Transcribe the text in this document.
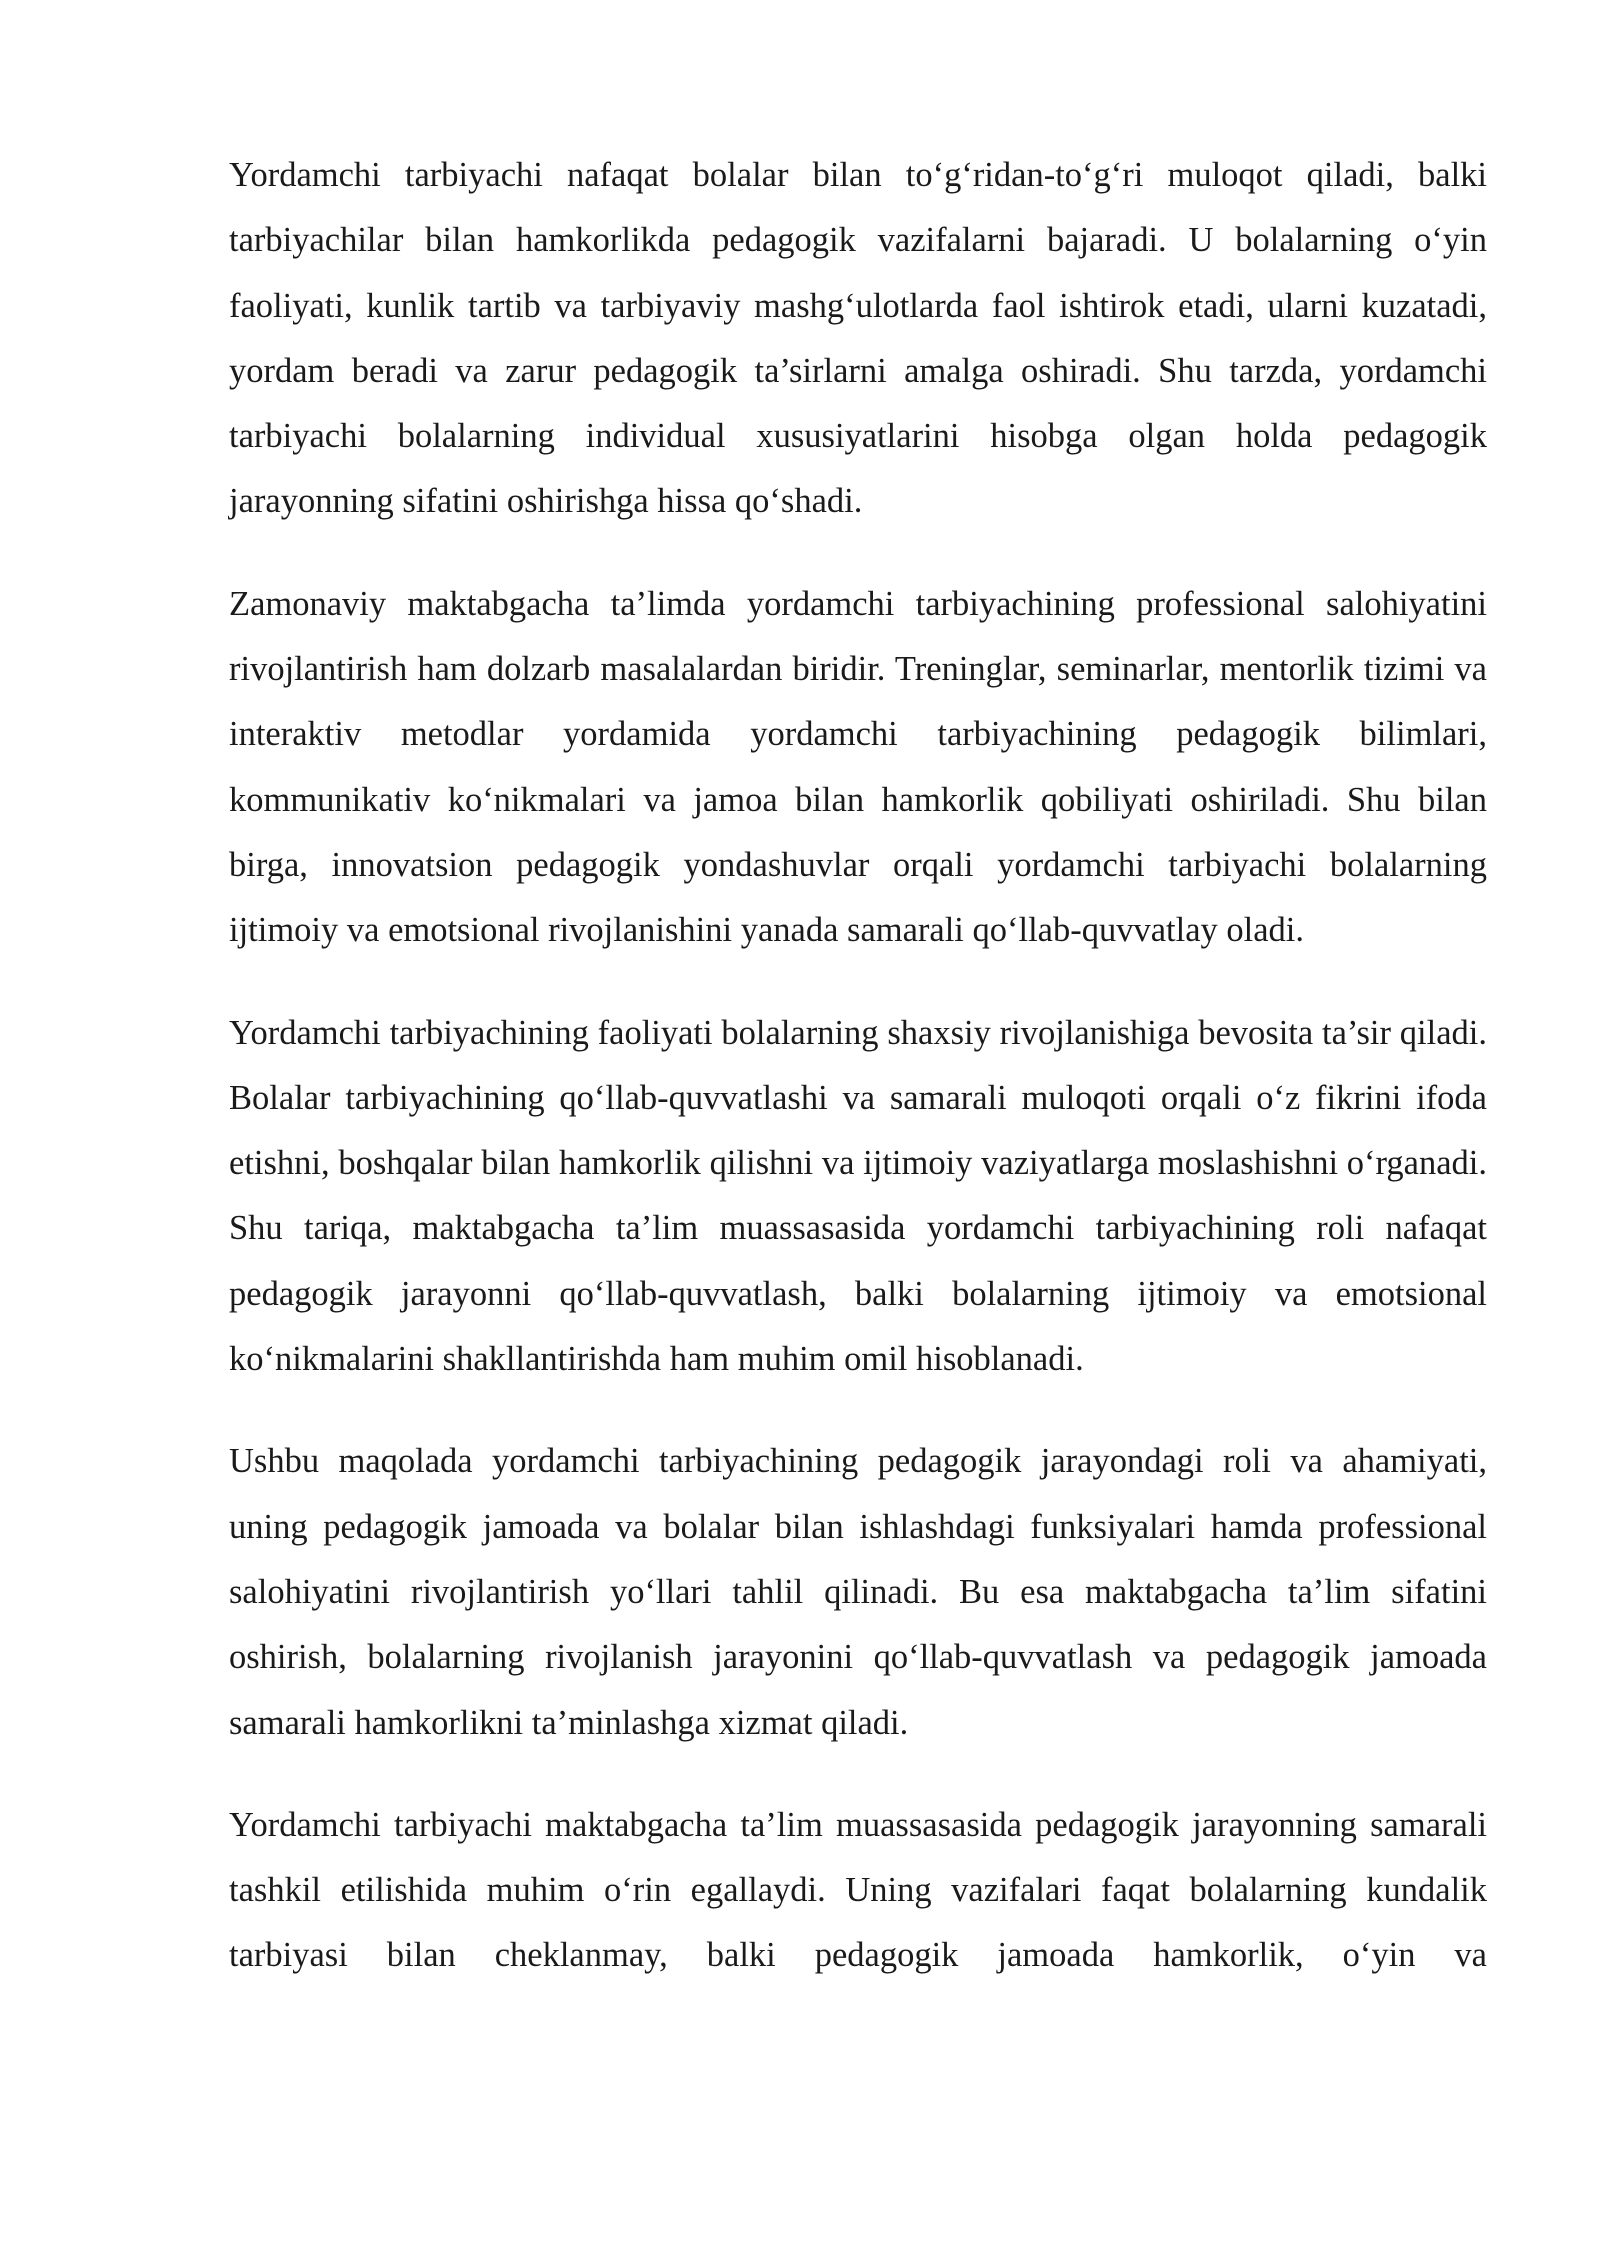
Yordamchi tarbiyachi nafaqat bolalar bilan to‘g‘ridan-to‘g‘ri muloqot qiladi, balki tarbiyachilar bilan hamkorlikda pedagogik vazifalarni bajaradi. U bolalarning o‘yin faoliyati, kunlik tartib va tarbiyaviy mashg‘ulotlarda faol ishtirok etadi, ularni kuzatadi, yordam beradi va zarur pedagogik ta’sirlarni amalga oshiradi. Shu tarzda, yordamchi tarbiyachi bolalarning individual xususiyatlarini hisobga olgan holda pedagogik jarayonning sifatini oshirishga hissa qo‘shadi.

Zamonaviy maktabgacha ta’limda yordamchi tarbiyachining professional salohiyatini rivojlantirish ham dolzarb masalalardan biridir. Treninglar, seminarlar, mentorlik tizimi va interaktiv metodlar yordamida yordamchi tarbiyachining pedagogik bilimlari, kommunikativ ko‘nikmalari va jamoa bilan hamkorlik qobiliyati oshiriladi. Shu bilan birga, innovatsion pedagogik yondashuvlar orqali yordamchi tarbiyachi bolalarning ijtimoiy va emotsional rivojlanishini yanada samarali qo‘llab-quvvatlay oladi.

Yordamchi tarbiyachining faoliyati bolalarning shaxsiy rivojlanishiga bevosita ta’sir qiladi. Bolalar tarbiyachining qo‘llab-quvvatlashi va samarali muloqoti orqali o‘z fikrini ifoda etishni, boshqalar bilan hamkorlik qilishni va ijtimoiy vaziyatlarga moslashishni o‘rganadi. Shu tariqa, maktabgacha ta’lim muassasasida yordamchi tarbiyachining roli nafaqat pedagogik jarayonni qo‘llab-quvvatlash, balki bolalarning ijtimoiy va emotsional ko‘nikmalarini shakllantirishda ham muhim omil hisoblanadi.

Ushbu maqolada yordamchi tarbiyachining pedagogik jarayondagi roli va ahamiyati, uning pedagogik jamoada va bolalar bilan ishlashdagi funksiyalari hamda professional salohiyatini rivojlantirish yo‘llari tahlil qilinadi. Bu esa maktabgacha ta’lim sifatini oshirish, bolalarning rivojlanish jarayonini qo‘llab-quvvatlash va pedagogik jamoada samarali hamkorlikni ta’minlashga xizmat qiladi.

Yordamchi tarbiyachi maktabgacha ta’lim muassasasida pedagogik jarayonning samarali tashkil etilishida muhim o‘rin egallaydi. Uning vazifalari faqat bolalarning kundalik tarbiyasi bilan cheklanmay, balki pedagogik jamoada hamkorlik, o‘yin va
